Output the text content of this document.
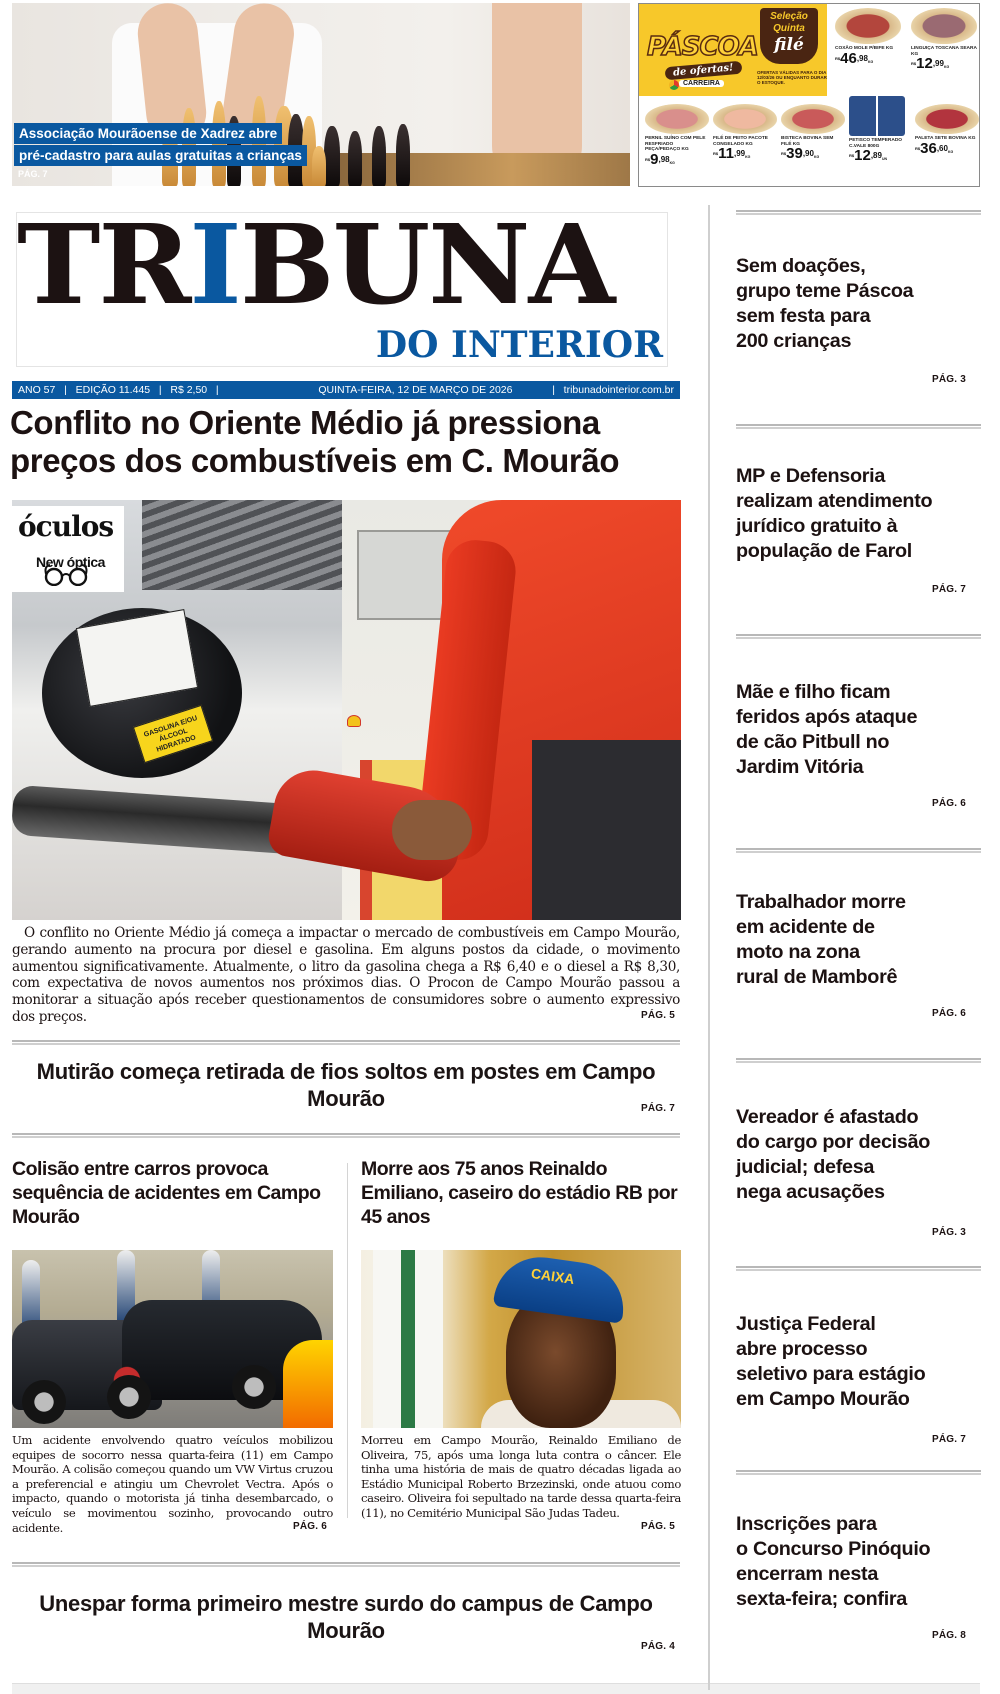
Associação Mourãoense de Xadrez abre
pré-cadastro para aulas gratuitas a crianças
PÁG. 7
PÁSCOA
de ofertas!
CARREIRA
Seleção
Quinta
filé
OFERTAS VÁLIDAS PARA O DIA 12/03/26 OU ENQUANTO DURAR O ESTOQUE.
COXÃO MOLE P/BIFE KG
$^{R\$}46^{,98}KG$
LINGUIÇA TOSCANA SEARA KG
$^{R\$}12^{,99}KG$
PERNIL SUÍNO COM PELE RESFRIADO PEÇA/PEDAÇO KG
$^{R\$}9^{,98}KG$
FILÉ DE PEITO PACOTE CONGELADO KG
$^{R\$}11^{,99}KG$
BISTECA BOVINA SEM FILÉ KG
$^{R\$}39^{,90}KG$
PETISCO TEMPERADO C.VALE 800G
$^{R\$}12^{,89}UN$
PALETA SETE BOVINA KG
$^{R\$}36^{,60}KG$
TRIBUNA
DO INTERIOR
ANO 57   |   EDIÇÃO 11.445   |   R$ 2,50   |	QUINTA-FEIRA, 12 DE MARÇO DE 2026	|   tribunadointerior.com.br
Conflito no Oriente Médio já pressiona preços dos combustíveis em C. Mourão
GASOLINA E/OU ÁLCOOL HIDRATADO
óculos
New óptica
O conflito no Oriente Médio já começa a impactar o mercado de combustíveis em Campo Mourão, gerando aumento na procura por diesel e gasolina. Em alguns postos da cidade, o movimento aumentou significativamente. Atualmente, o litro da gasolina chega a R$ 6,40 e o diesel a R$ 8,30, com expectativa de novos aumentos nos próximos dias. O Procon de Campo Mourão passou a monitorar a situação após receber questionamentos de consumidores sobre o aumento expressivo dos preços.	PÁG. 5
Mutirão começa retirada de fios soltos em postes em Campo Mourão	PÁG. 7
Colisão entre carros provoca sequência de acidentes em Campo Mourão
Um acidente envolvendo quatro veículos mobilizou equipes de socorro nessa quarta-feira (11) em Campo Mourão. A colisão começou quando um VW Virtus cruzou a preferencial e atingiu um Chevrolet Vectra. Após o impacto, quando o motorista já tinha desembarcado, o veículo se movimentou sozinho, provocando outro acidente.	PÁG. 6
Morre aos 75 anos Reinaldo Emiliano, caseiro do estádio RB por 45 anos
CAIXA
Morreu em Campo Mourão, Reinaldo Emiliano de Oliveira, 75, após uma longa luta contra o câncer. Ele tinha uma história de mais de quatro décadas ligada ao Estádio Municipal Roberto Brzezinski, onde atuou como caseiro. Oliveira foi sepultado na tarde dessa quarta-feira (11), no Cemitério Municipal São Judas Tadeu.
PÁG. 5
Unespar forma primeiro mestre surdo do campus de Campo Mourão
PÁG. 4
Sem doações,
grupo teme Páscoa
sem festa para
200 crianças
PÁG. 3
MP e Defensoria
realizam atendimento
jurídico gratuito à
população de Farol
PÁG. 7
Mãe e filho ficam
feridos após ataque
de cão Pitbull no
Jardim Vitória
PÁG. 6
Trabalhador morre
em acidente de
moto na zona
rural de Mamborê
PÁG. 6
Vereador é afastado
do cargo por decisão
judicial; defesa
nega acusações
PÁG. 3
Justiça Federal
abre processo
seletivo para estágio
em Campo Mourão
PÁG. 7
Inscrições para
o Concurso Pinóquio
encerram nesta
sexta-feira; confira
PÁG. 8
